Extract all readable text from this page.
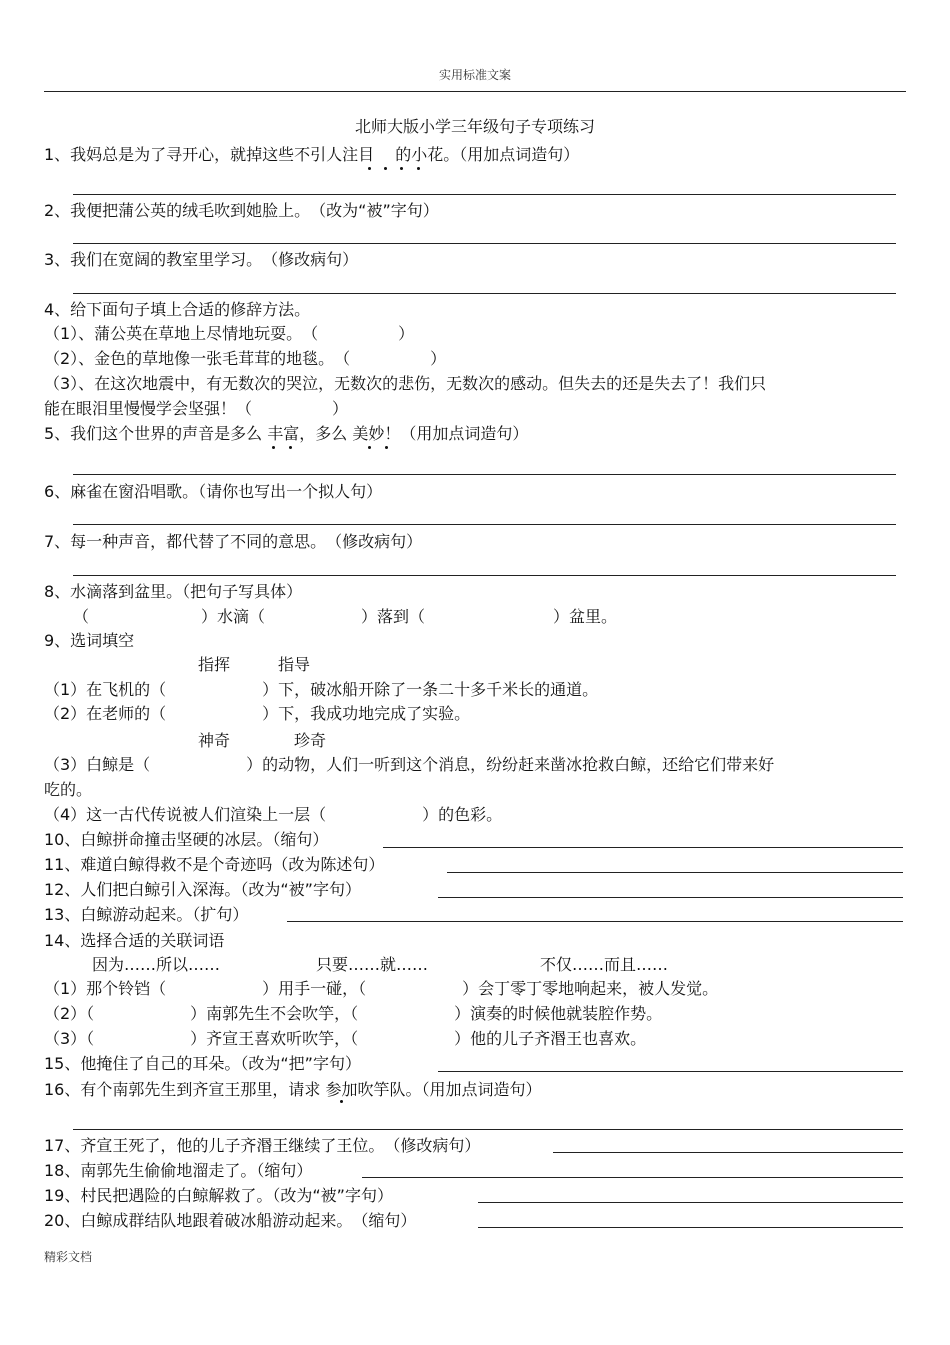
实用标准文案
北师大版小学三年级句子专项练习
1、我妈总是为了寻开心，就掉这些不引人注目　 的小花。（用加点词造句）
2、我便把蒲公英的绒毛吹到她脸上。　（改为“被”字句）
3、我们在宽阔的教室里学习。　（修改病句）
4、给下面句子填上合适的修辞方法。
（1）、蒲公英在草地上尽情地玩耍。　（　　　　　）
（2）、金色的草地像一张毛茸茸的地毯。　（　　　　　）
（3）、在这次地震中，有无数次的哭泣，无数次的悲伤，无数次的感动。但失去的还是失去了！我们只
能在眼泪里慢慢学会坚强！（　　　　　）
5、我们这个世界的声音是多么 丰富，多么 美妙！（用加点词造句）
6、麻雀在窗沿唱歌。（请你也写出一个拟人句）
7、每一种声音，都代替了不同的意思。　（修改病句）
8、水滴落到盆里。（把句子写具体）
（　　　　　　　）水滴（　　　　　　）落到（　　　　　　　　）盆里。
9、选词填空
指挥　　　指导
（1）在飞机的（　　　　　　）下，破冰船开除了一条二十多千米长的通道。
（2）在老师的（　　　　　　）下，我成功地完成了实验。
神奇　　　　珍奇
（3）白鲸是（　　　　　　）的动物，人们一听到这个消息，纷纷赶来凿冰抢救白鲸，还给它们带来好
吃的。
（4）这一古代传说被人们渲染上一层（　　　　　　）的色彩。
10、白鲸拼命撞击坚硬的冰层。（缩句）
11、难道白鲸得救不是个奇迹吗（改为陈述句）
12、人们把白鲸引入深海。（改为“被”字句）
13、白鲸游动起来。（扩句）
14、选择合适的关联词语
因为……所以……　　　　　　只要……就……　　　　　　　不仅……而且……
（1）那个铃铛（　　　　　　）用手一碰，（　　　　　　）会丁零丁零地响起来，被人发觉。
（2）（　　　　　　）南郭先生不会吹竽，（　　　　　　）演奏的时候他就装腔作势。
（3）（　　　　　　）齐宣王喜欢听吹竽，（　　　　　　）他的儿子齐湣王也喜欢。
15、他掩住了自己的耳朵。（改为“把”字句）
16、有个南郭先生到齐宣王那里，请求 参加吹竽队。（用加点词造句）
17、齐宣王死了，他的儿子齐湣王继续了王位。　（修改病句）
18、南郭先生偷偷地溜走了。（缩句）
19、村民把遇险的白鲸解救了。（改为“被”字句）
20、白鲸成群结队地跟着破冰船游动起来。　（缩句）
精彩文档
